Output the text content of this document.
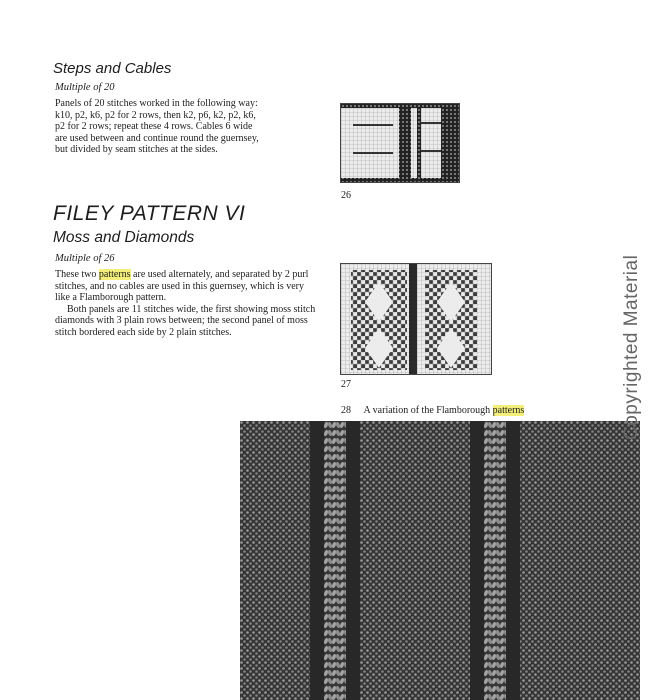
Steps and Cables
Multiple of 20
Panels of 20 stitches worked in the following way:
k10, p2, k6, p2 for 2 rows, then k2, p6, k2, p2, k6,
p2 for 2 rows; repeat these 4 rows. Cables 6 wide
are used between and continue round the guernsey,
but divided by seam stitches at the sides.
26
FILEY PATTERN VI
Moss and Diamonds
Multiple of 26

These two patterns are used alternately, and separated by 2 purl stitches, and no cables are used in this guernsey, which is very like a Flamborough pattern.

Both panels are 11 stitches wide, the first showing moss stitch diamonds with 3 plain rows between; the second panel of moss stitch bordered each side by 2 plain stitches.

27
28 A variation of the Flamborough patterns	Copyrighted Material
